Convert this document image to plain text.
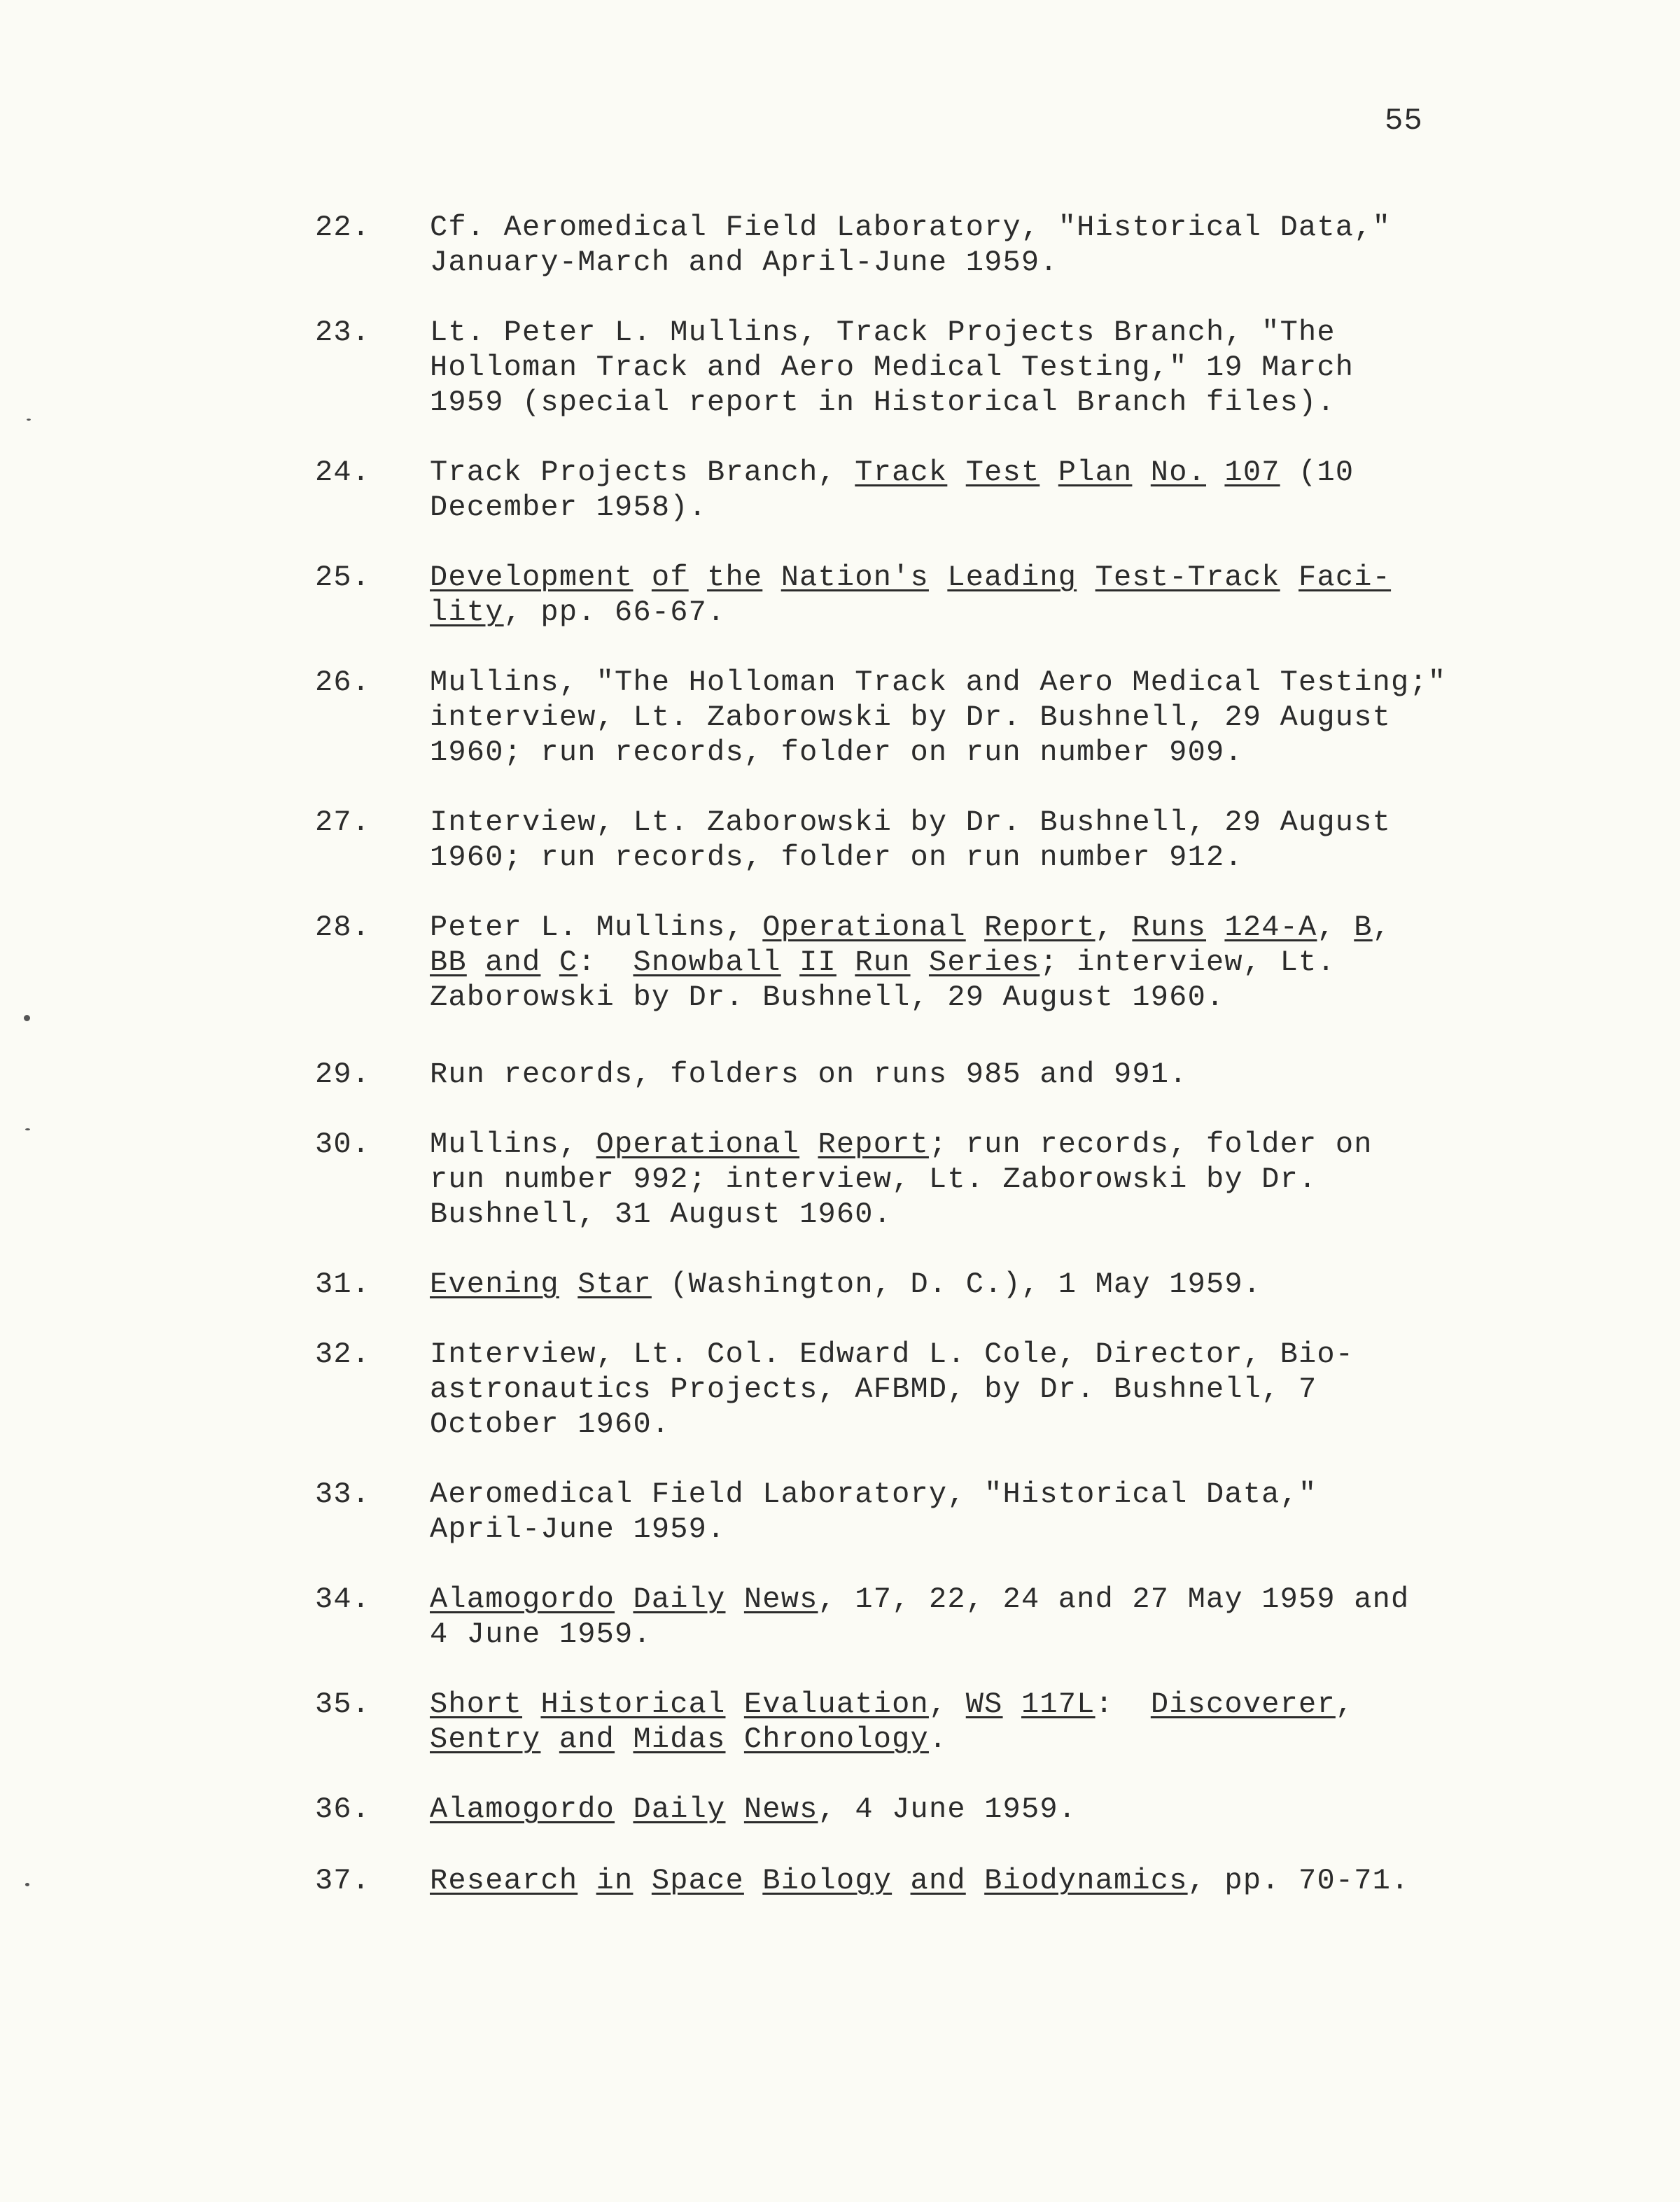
55
22.	Cf. Aeromedical Field Laboratory, "Historical Data,"
January-March and April-June 1959.
23.	Lt. Peter L. Mullins, Track Projects Branch, "The
Holloman Track and Aero Medical Testing," 19 March
1959 (special report in Historical Branch files).
24.	Track Projects Branch, Track Test Plan No. 107 (10
December 1958).
25.	Development of the Nation's Leading Test-Track Faci-
lity, pp. 66-67.
26.	Mullins, "The Holloman Track and Aero Medical Testing;"
interview, Lt. Zaborowski by Dr. Bushnell, 29 August
1960; run records, folder on run number 909.
27.	Interview, Lt. Zaborowski by Dr. Bushnell, 29 August
1960; run records, folder on run number 912.
28.	Peter L. Mullins, Operational Report, Runs 124-A, B,
BB and C:  Snowball II Run Series; interview, Lt.
Zaborowski by Dr. Bushnell, 29 August 1960.
29.	Run records, folders on runs 985 and 991.
30.	Mullins, Operational Report; run records, folder on
run number 992; interview, Lt. Zaborowski by Dr.
Bushnell, 31 August 1960.
31.	Evening Star (Washington, D. C.), 1 May 1959.
32.	Interview, Lt. Col. Edward L. Cole, Director, Bio-
astronautics Projects, AFBMD, by Dr. Bushnell, 7
October 1960.
33.	Aeromedical Field Laboratory, "Historical Data,"
April-June 1959.
34.	Alamogordo Daily News, 17, 22, 24 and 27 May 1959 and
4 June 1959.
35.	Short Historical Evaluation, WS 117L:  Discoverer,
Sentry and Midas Chronology.
36.	Alamogordo Daily News, 4 June 1959.
37.	Research in Space Biology and Biodynamics, pp. 70-71.
